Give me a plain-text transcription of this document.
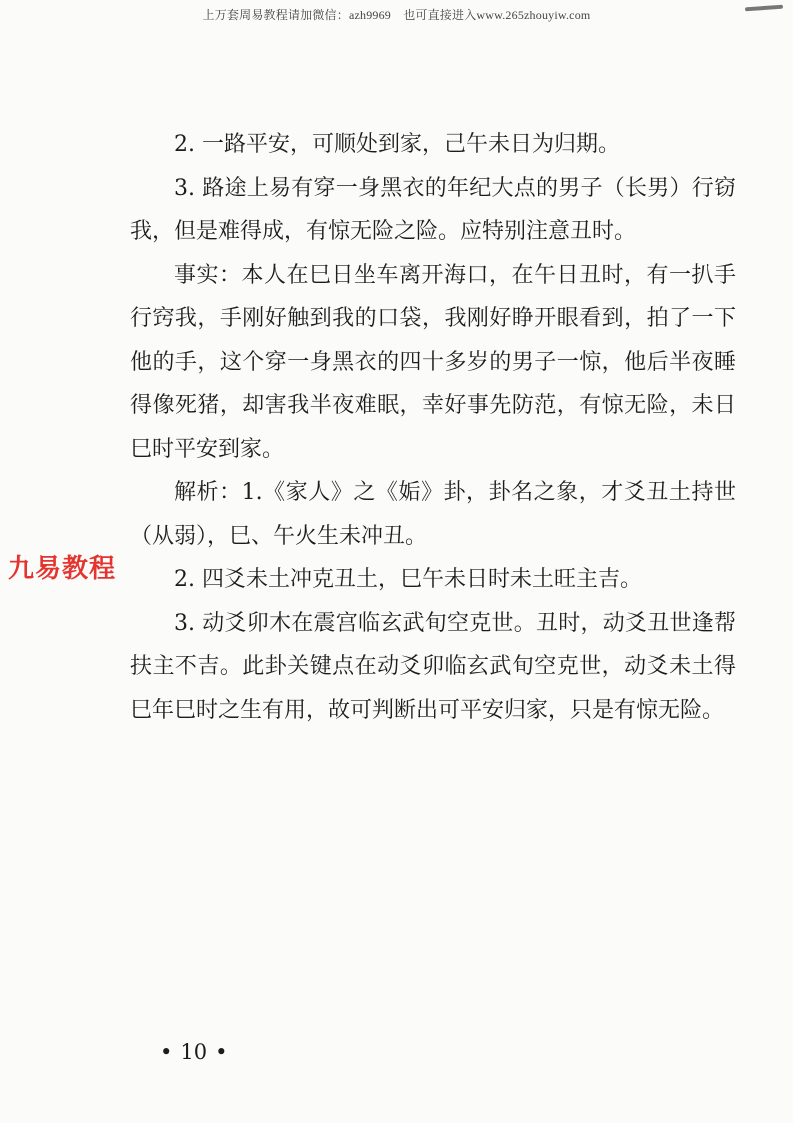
上万套周易教程请加微信：azh9969　也可直接进入www.265zhouyiw.com
九易教程

2. 一路平安，可顺处到家，己午未日为归期。

3. 路途上易有穿一身黑衣的年纪大点的男子（长男）行窃我，但是难得成，有惊无险之险。应特别注意丑时。

事实：本人在巳日坐车离开海口，在午日丑时，有一扒手行窍我，手刚好触到我的口袋，我刚好睁开眼看到，拍了一下他的手，这个穿一身黑衣的四十多岁的男子一惊，他后半夜睡得像死猪，却害我半夜难眠，幸好事先防范，有惊无险，未日巳时平安到家。

解析：1.《家人》之《姤》卦，卦名之象，才爻丑土持世（从弱），巳、午火生未冲丑。

2. 四爻未土冲克丑土，巳午未日时未土旺主吉。

3. 动爻卯木在震宫临玄武旬空克世。丑时，动爻丑世逢帮扶主不吉。此卦关键点在动爻卯临玄武旬空克世，动爻未土得巳年巳时之生有用，故可判断出可平安归家，只是有惊无险。

• 10 •
